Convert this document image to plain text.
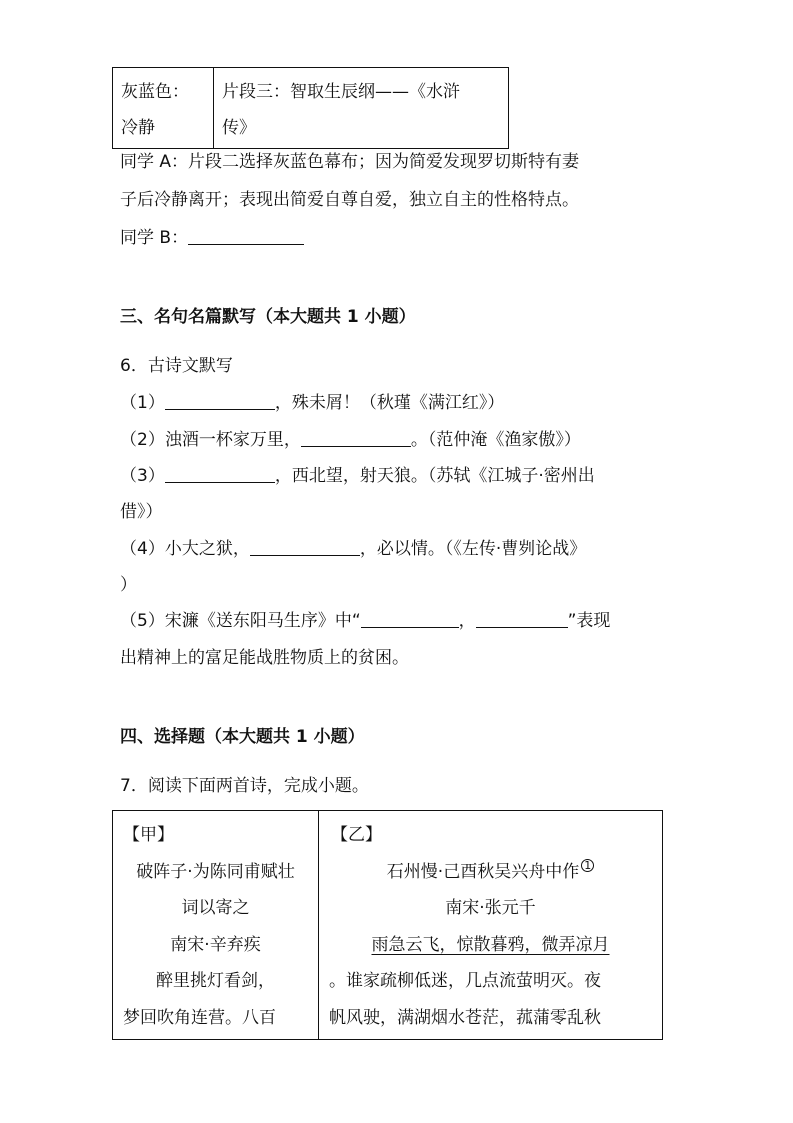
灰蓝色：
冷静

片段三：智取生辰纲——《水浒
传》
同学 A：片段二选择灰蓝色幕布；因为简爱发现罗切斯特有妻
子后冷静离开；表现出简爱自尊自爱，独立自主的性格特点。
同学 B：
三、名句名篇默写（本大题共 1 小题）
6．古诗文默写
（1）	，殊未屑！（秋瑾《满江红》）
（2）浊酒一杯家万里，	。（范仲淹《渔家傲》）
（3）	，西北望，射天狼。（苏轼《江城子·密州出
借》）
（4）小大之狱，	，必以情。（《左传·曹刿论战》
）
（5）宋濂《送东阳马生序》中“	，	”表现
出精神上的富足能战胜物质上的贫困。
四、选择题（本大题共 1 小题）
7．阅读下面两首诗，完成小题。
【甲】
破阵子·为陈同甫赋壮
词以寄之
南宋·辛弃疾
醉里挑灯看剑，
梦回吹角连营。八百

【乙】
石州慢·己酉秋吴兴舟中作 $^1$
南宋·张元千
雨急云飞，惊散暮鸦，微弄凉月
。谁家疏柳低迷，几点流萤明灭。夜
帆风驶，满湖烟水苍茫，菰蒲零乱秋
